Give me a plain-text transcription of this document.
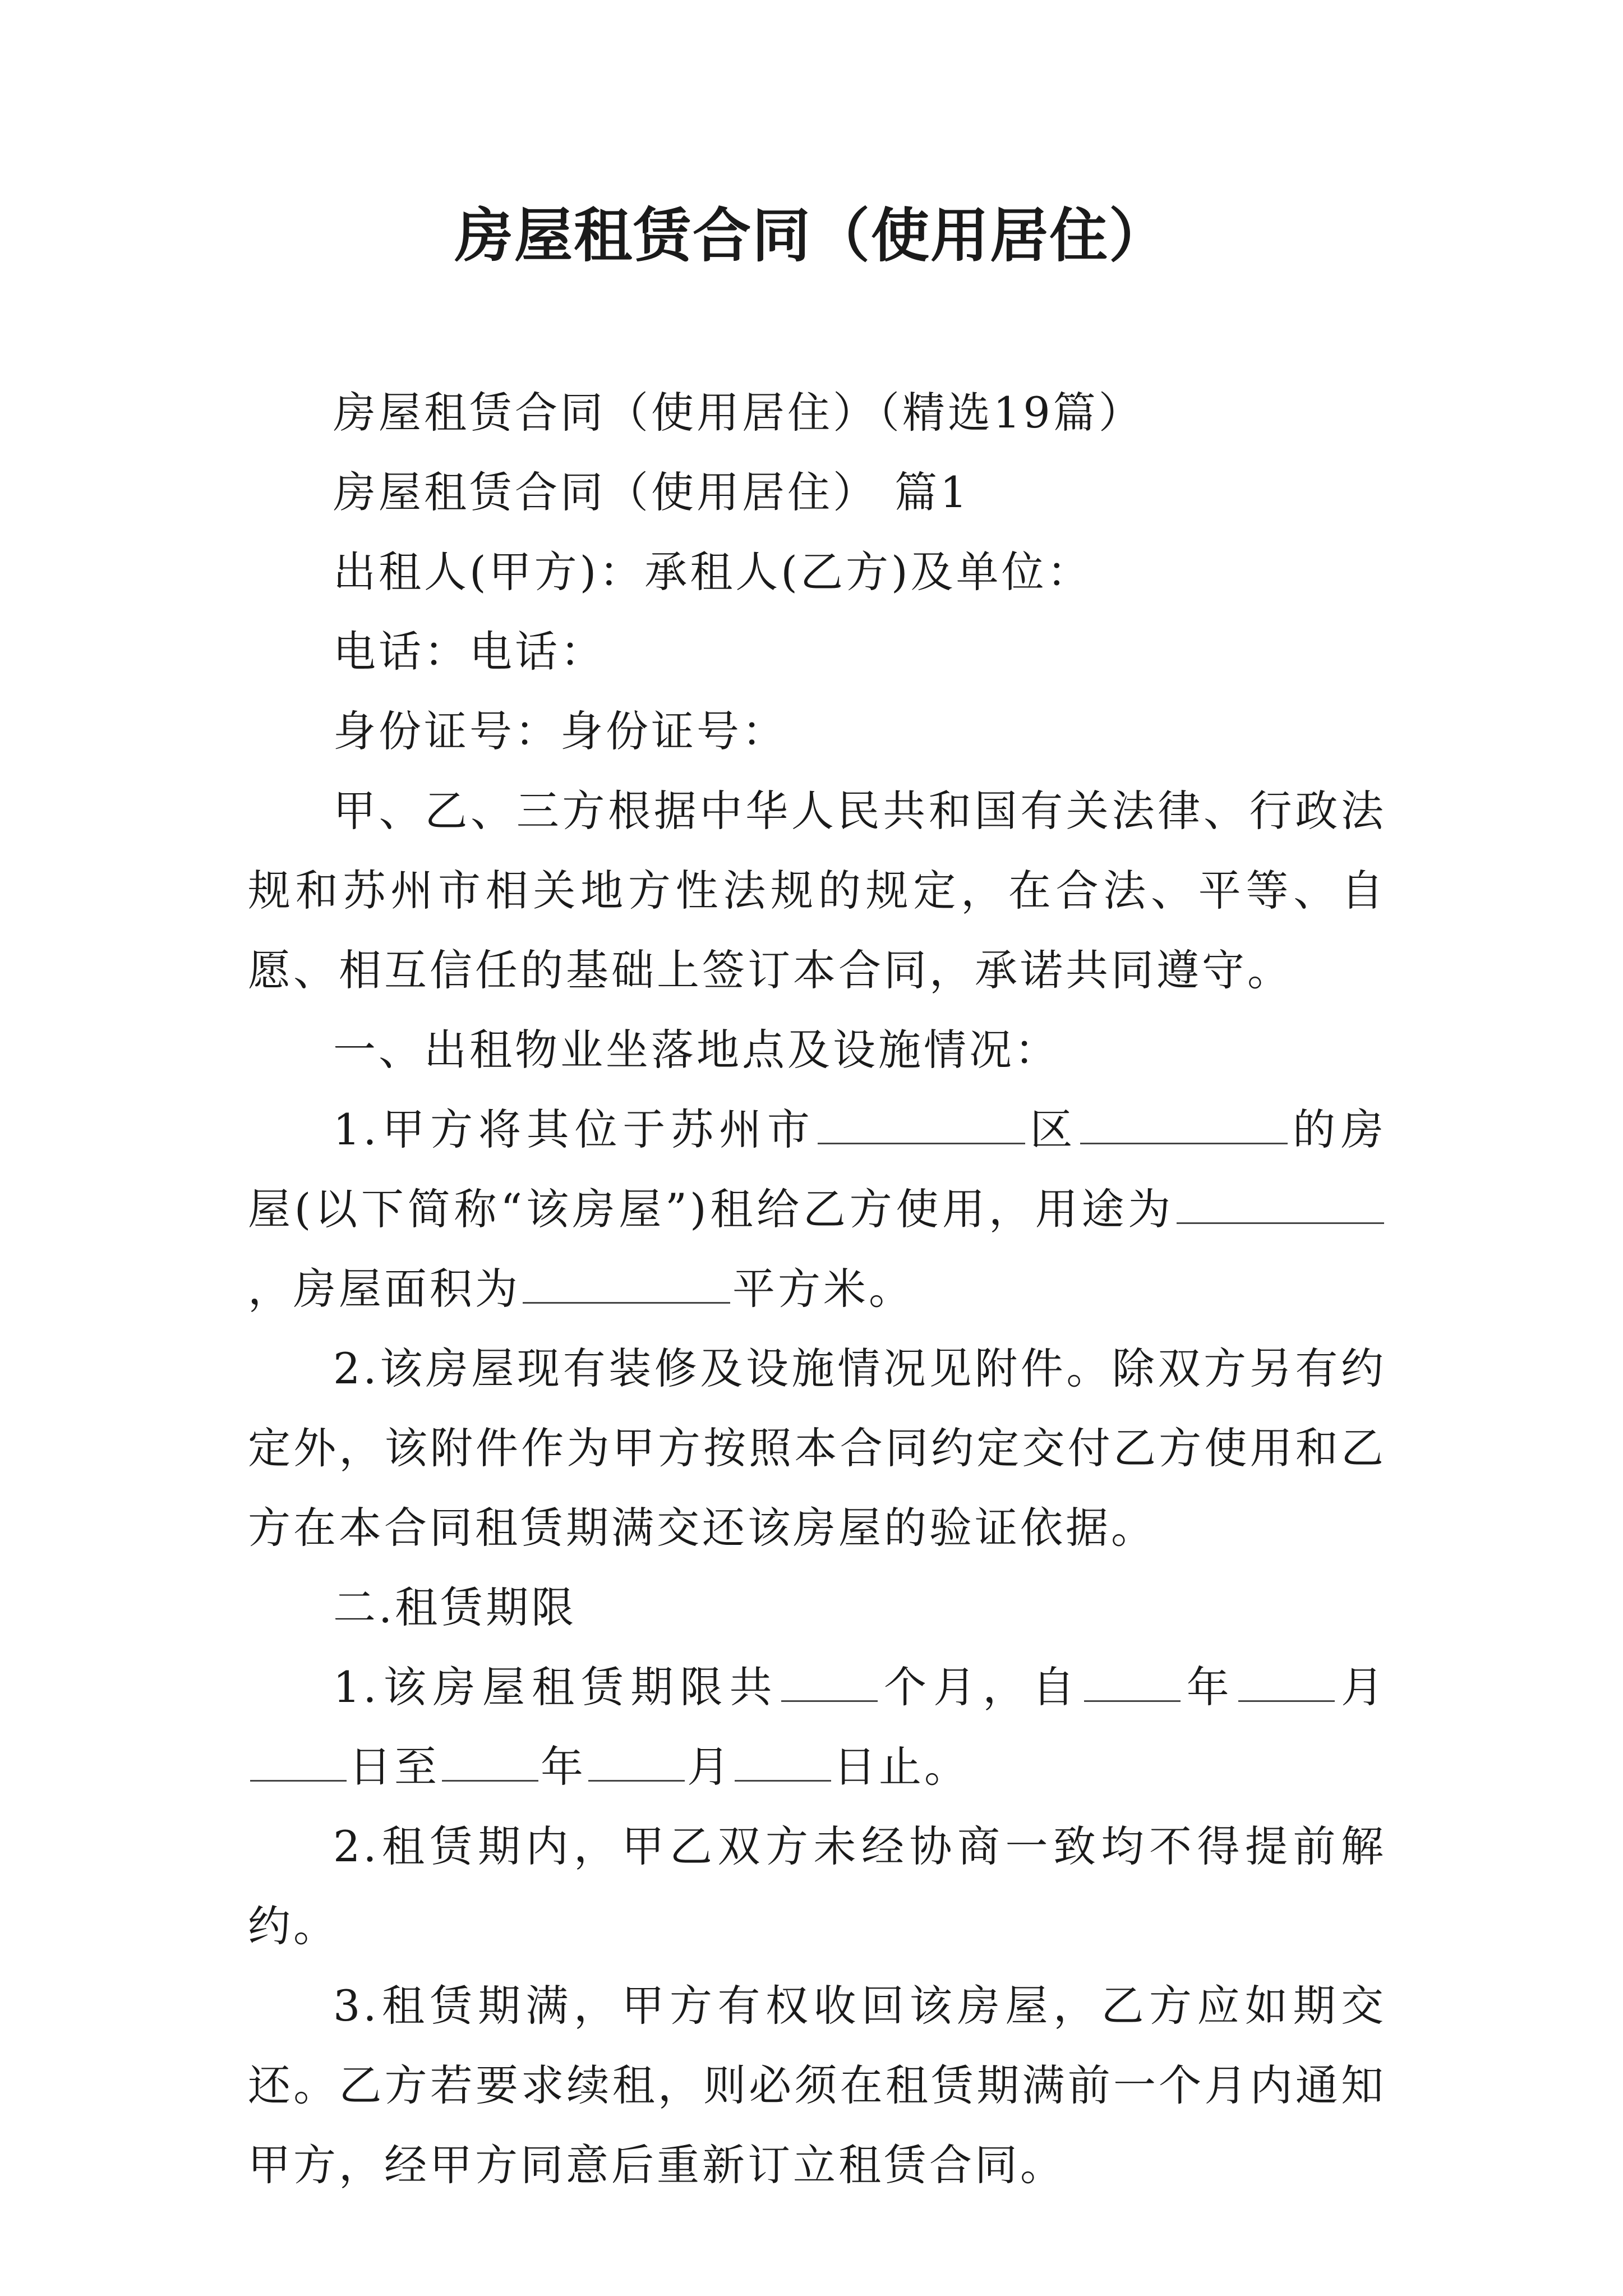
房屋租赁合同（使用居住）

房屋租赁合同（使用居住）（精选19篇）

房屋租赁合同（使用居住） 篇1

出租人(甲方)：承租人(乙方)及单位：

电话：电话：

身份证号：身份证号：

甲、乙、三方根据中华人民共和国有关法律、行政法规和苏州市相关地方性法规的规定，在合法、平等、自愿、相互信任的基础上签订本合同，承诺共同遵守。

一、出租物业坐落地点及设施情况：

1.甲方将其位于苏州市	区	的房屋(以下简称“该房屋”)租给乙方使用，用途为，房屋面积为	平方米。

2.该房屋现有装修及设施情况见附件。除双方另有约定外，该附件作为甲方按照本合同约定交付乙方使用和乙方在本合同租赁期满交还该房屋的验证依据。

二.租赁期限

1.该房屋租赁期限共 个月，自 年 月日至 年 月 日止。

2.租赁期内，甲乙双方未经协商一致均不得提前解约。

3.租赁期满，甲方有权收回该房屋，乙方应如期交还。乙方若要求续租，则必须在租赁期满前一个月内通知甲方，经甲方同意后重新订立租赁合同。
